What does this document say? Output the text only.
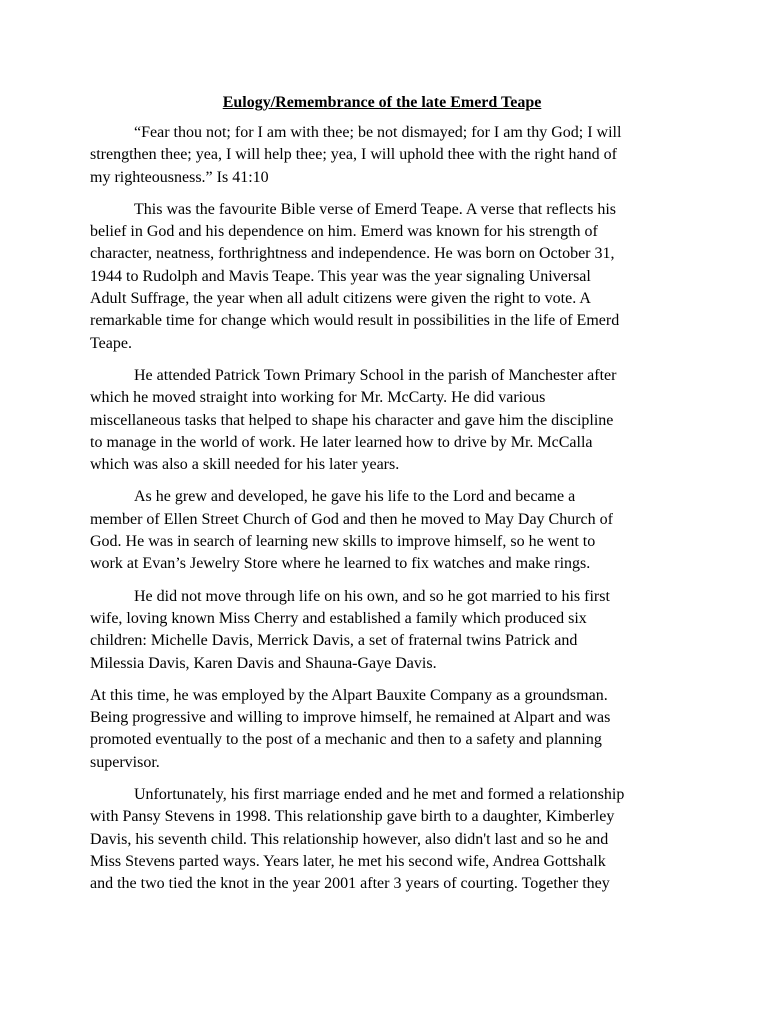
Eulogy/Remembrance of the late Emerd Teape

“Fear thou not; for I am with thee; be not dismayed; for I am thy God; I will
strengthen thee; yea, I will help thee; yea, I will uphold thee with the right hand of
my righteousness.” Is 41:10

This was the favourite Bible verse of Emerd Teape. A verse that reflects his
belief in God and his dependence on him. Emerd was known for his strength of
character, neatness, forthrightness and independence. He was born on October 31,
1944 to Rudolph and Mavis Teape. This year was the year signaling Universal
Adult Suffrage, the year when all adult citizens were given the right to vote. A
remarkable time for change which would result in possibilities in the life of Emerd
Teape.

He attended Patrick Town Primary School in the parish of Manchester after
which he moved straight into working for Mr. McCarty. He did various
miscellaneous tasks that helped to shape his character and gave him the discipline
to manage in the world of work. He later learned how to drive by Mr. McCalla
which was also a skill needed for his later years.

As he grew and developed, he gave his life to the Lord and became a
member of Ellen Street Church of God and then he moved to May Day Church of
God. He was in search of learning new skills to improve himself, so he went to
work at Evan’s Jewelry Store where he learned to fix watches and make rings.

He did not move through life on his own, and so he got married to his first
wife, loving known Miss Cherry and established a family which produced six
children: Michelle Davis, Merrick Davis, a set of fraternal twins Patrick and
Milessia Davis, Karen Davis and Shauna-Gaye Davis.

At this time, he was employed by the Alpart Bauxite Company as a groundsman.
Being progressive and willing to improve himself, he remained at Alpart and was
promoted eventually to the post of a mechanic and then to a safety and planning
supervisor.

Unfortunately, his first marriage ended and he met and formed a relationship
with Pansy Stevens in 1998. This relationship gave birth to a daughter, Kimberley
Davis, his seventh child. This relationship however, also didn't last and so he and
Miss Stevens parted ways. Years later, he met his second wife, Andrea Gottshalk
and the two tied the knot in the year 2001 after 3 years of courting. Together they
